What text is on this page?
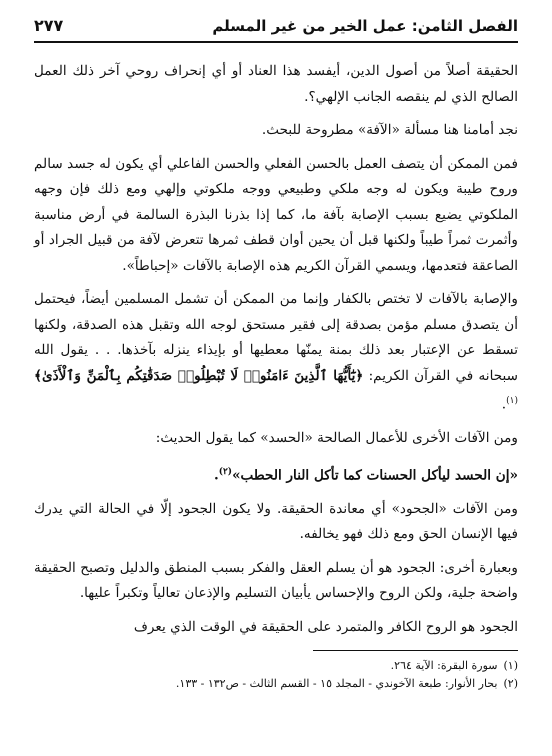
الفصل الثامن: عمل الخير من غير المسلم
٢٧٧

الحقيقة أصلاً من أصول الدين، أيفسد هذا العناد أو أي إنحراف روحي آخر ذلك العمل الصالح الذي لم ينقصه الجانب الإلهي؟.

نجد أمامنا هنا مسألة «الآفة» مطروحة للبحث.

فمن الممكن أن يتصف العمل بالحسن الفعلي والحسن الفاعلي أي يكون له جسد سالم وروح طيبة ويكون له وجه ملكي وطبيعي ووجه ملكوتي وإلهي ومع ذلك فإن وجهه الملكوتي يضيع بسبب الإصابة بآفة ما، كما إذا بذرنا البذرة السالمة في أرض مناسبة وأثمرت ثمراً طيباً ولكنها قبل أن يحين أوان قطف ثمرها تتعرض لآفة من قبيل الجراد أو الصاعقة فتعدمها، ويسمي القرآن الكريم هذه الإصابة بالآفات «إحباطاً».

والإصابة بالآفات لا تختص بالكفار وإنما من الممكن أن تشمل المسلمين أيضاً، فيحتمل أن يتصدق مسلم مؤمن بصدقة إلى فقير مستحق لوجه الله وتقبل هذه الصدقة، ولكنها تسقط عن الإعتبار بعد ذلك بمنة يمنّها معطيها أو بإيذاء ينزله بآخذها. . . يقول الله سبحانه في القرآن الكريم: ﴿يَٰٓأَيُّهَا ٱلَّذِينَ ءَامَنُوا۟ لَا تُبْطِلُوا۟ صَدَقَٰتِكُم بِٱلْمَنِّ وَٱلْأَذَىٰ﴾$^{(١)}$.

ومن الآفات الأخرى للأعمال الصالحة «الحسد» كما يقول الحديث:

«إن الحسد ليأكل الحسنات كما تأكل النار الحطب»$^{(٢)}$.

ومن الآفات «الجحود» أي معاندة الحقيقة. ولا يكون الجحود إلّا في الحالة التي يدرك فيها الإنسان الحق ومع ذلك فهو يخالفه.

وبعبارة أخرى: الجحود هو أن يسلم العقل والفكر بسبب المنطق والدليل وتصبح الحقيقة واضحة جلية، ولكن الروح والإحساس يأبيان التسليم والإذعان تعالياً وتكبراً عليها.

الجحود هو الروح الكافر والمتمرد على الحقيقة في الوقت الذي يعرف

(١)
سورة البقرة: الآية ٢٦٤.
(٢)
بحار الأنوار: طبعة الآخوندي - المجلد ١٥ - القسم الثالث - ص١٣٢ - ١٣٣.
